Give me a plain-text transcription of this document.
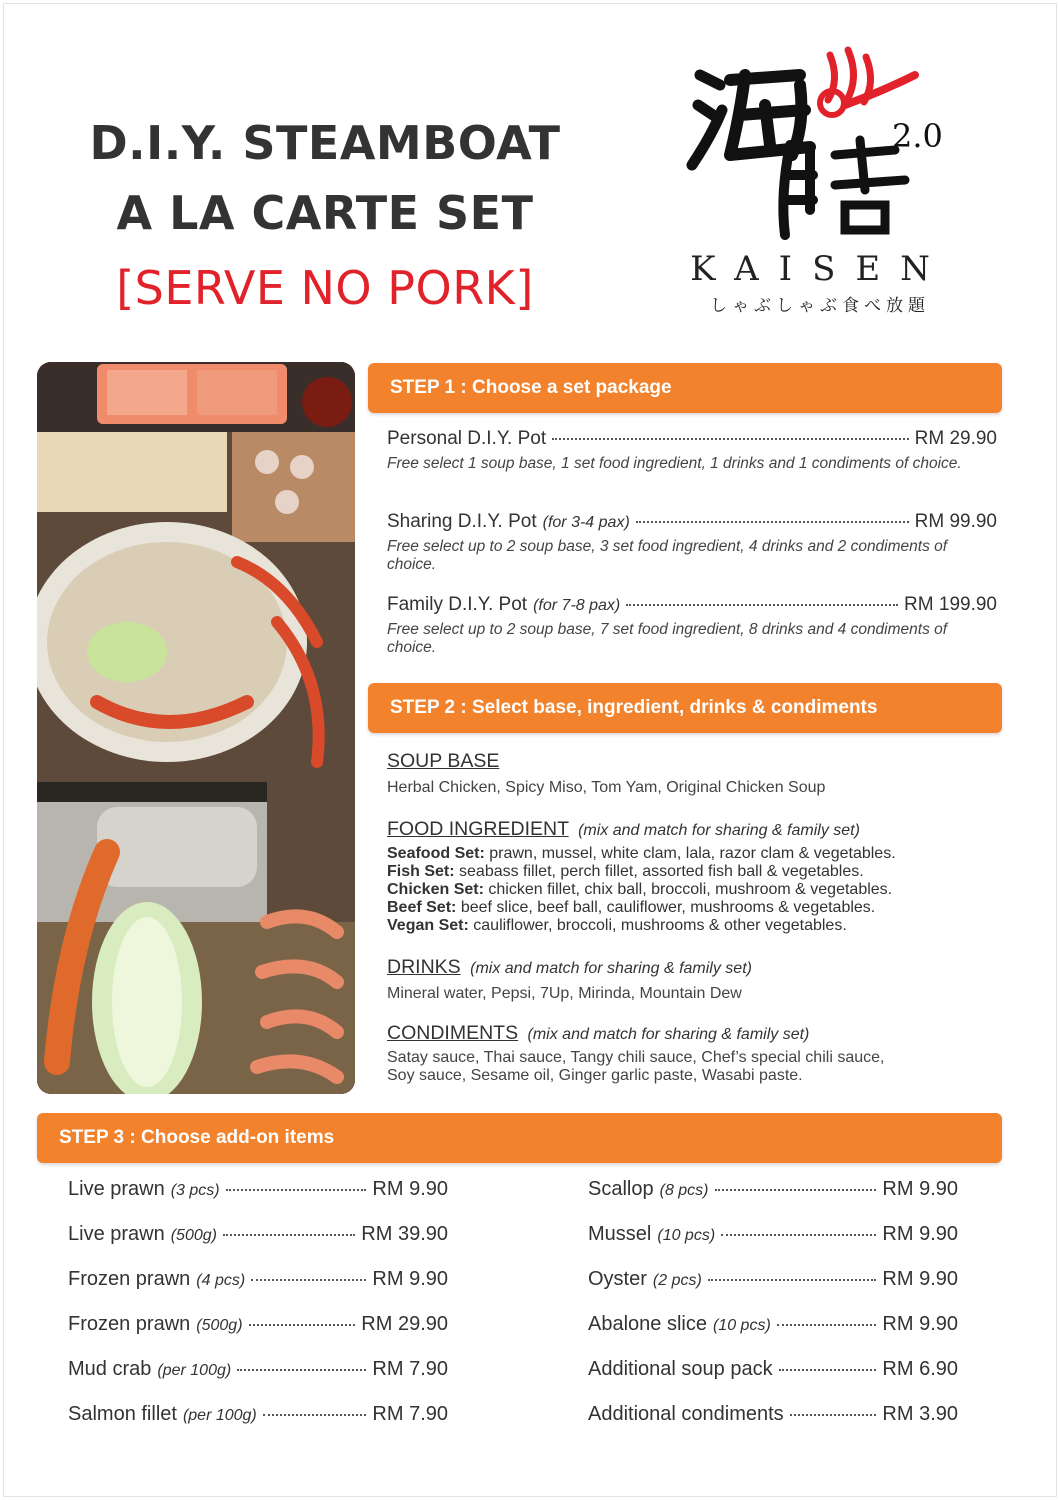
D.I.Y. STEAMBOAT
A LA CARTE SET
[SERVE NO PORK]
2.0
KAISEN
しゃぶしゃぶ食べ放題
STEP 1 : Choose a set package
Personal D.I.Y. Pot	RM 29.90
Free select 1 soup base, 1 set food ingredient, 1 drinks and 1 condiments of choice.
Sharing D.I.Y. Pot (for 3-4 pax)	RM 99.90
Free select up to 2 soup base, 3 set food ingredient, 4 drinks and 2 condiments of choice.
Family D.I.Y. Pot (for 7-8 pax)	RM 199.90
Free select up to 2 soup base, 7 set food ingredient, 8 drinks and 4 condiments of choice.
STEP 2 : Select base, ingredient, drinks & condiments
SOUP BASE
Herbal Chicken, Spicy Miso, Tom Yam, Original Chicken Soup
FOOD INGREDIENT (mix and match for sharing & family set)
Seafood Set: prawn, mussel, white clam, lala, razor clam & vegetables.
Fish Set: seabass fillet, perch fillet, assorted fish ball & vegetables.
Chicken Set: chicken fillet, chix ball, broccoli, mushroom & vegetables.
Beef Set: beef slice, beef ball, cauliflower, mushrooms & vegetables.
Vegan Set: cauliflower, broccoli, mushrooms & other vegetables.
DRINKS (mix and match for sharing & family set)
Mineral water, Pepsi, 7Up, Mirinda, Mountain Dew
CONDIMENTS (mix and match for sharing & family set)
Satay sauce, Thai sauce, Tangy chili sauce, Chef’s special chili sauce,
Soy sauce, Sesame oil, Ginger garlic paste, Wasabi paste.
STEP 3 : Choose add-on items
Live prawn (3 pcs)	RM 9.90
Live prawn (500g)	RM 39.90
Frozen prawn (4 pcs)	RM 9.90
Frozen prawn (500g)	RM 29.90
Mud crab (per 100g)	RM 7.90
Salmon fillet (per 100g)	RM 7.90
Scallop (8 pcs)	RM 9.90
Mussel (10 pcs)	RM 9.90
Oyster (2 pcs)	RM 9.90
Abalone slice (10 pcs)	RM 9.90
Additional soup pack	RM 6.90
Additional condiments	RM 3.90
